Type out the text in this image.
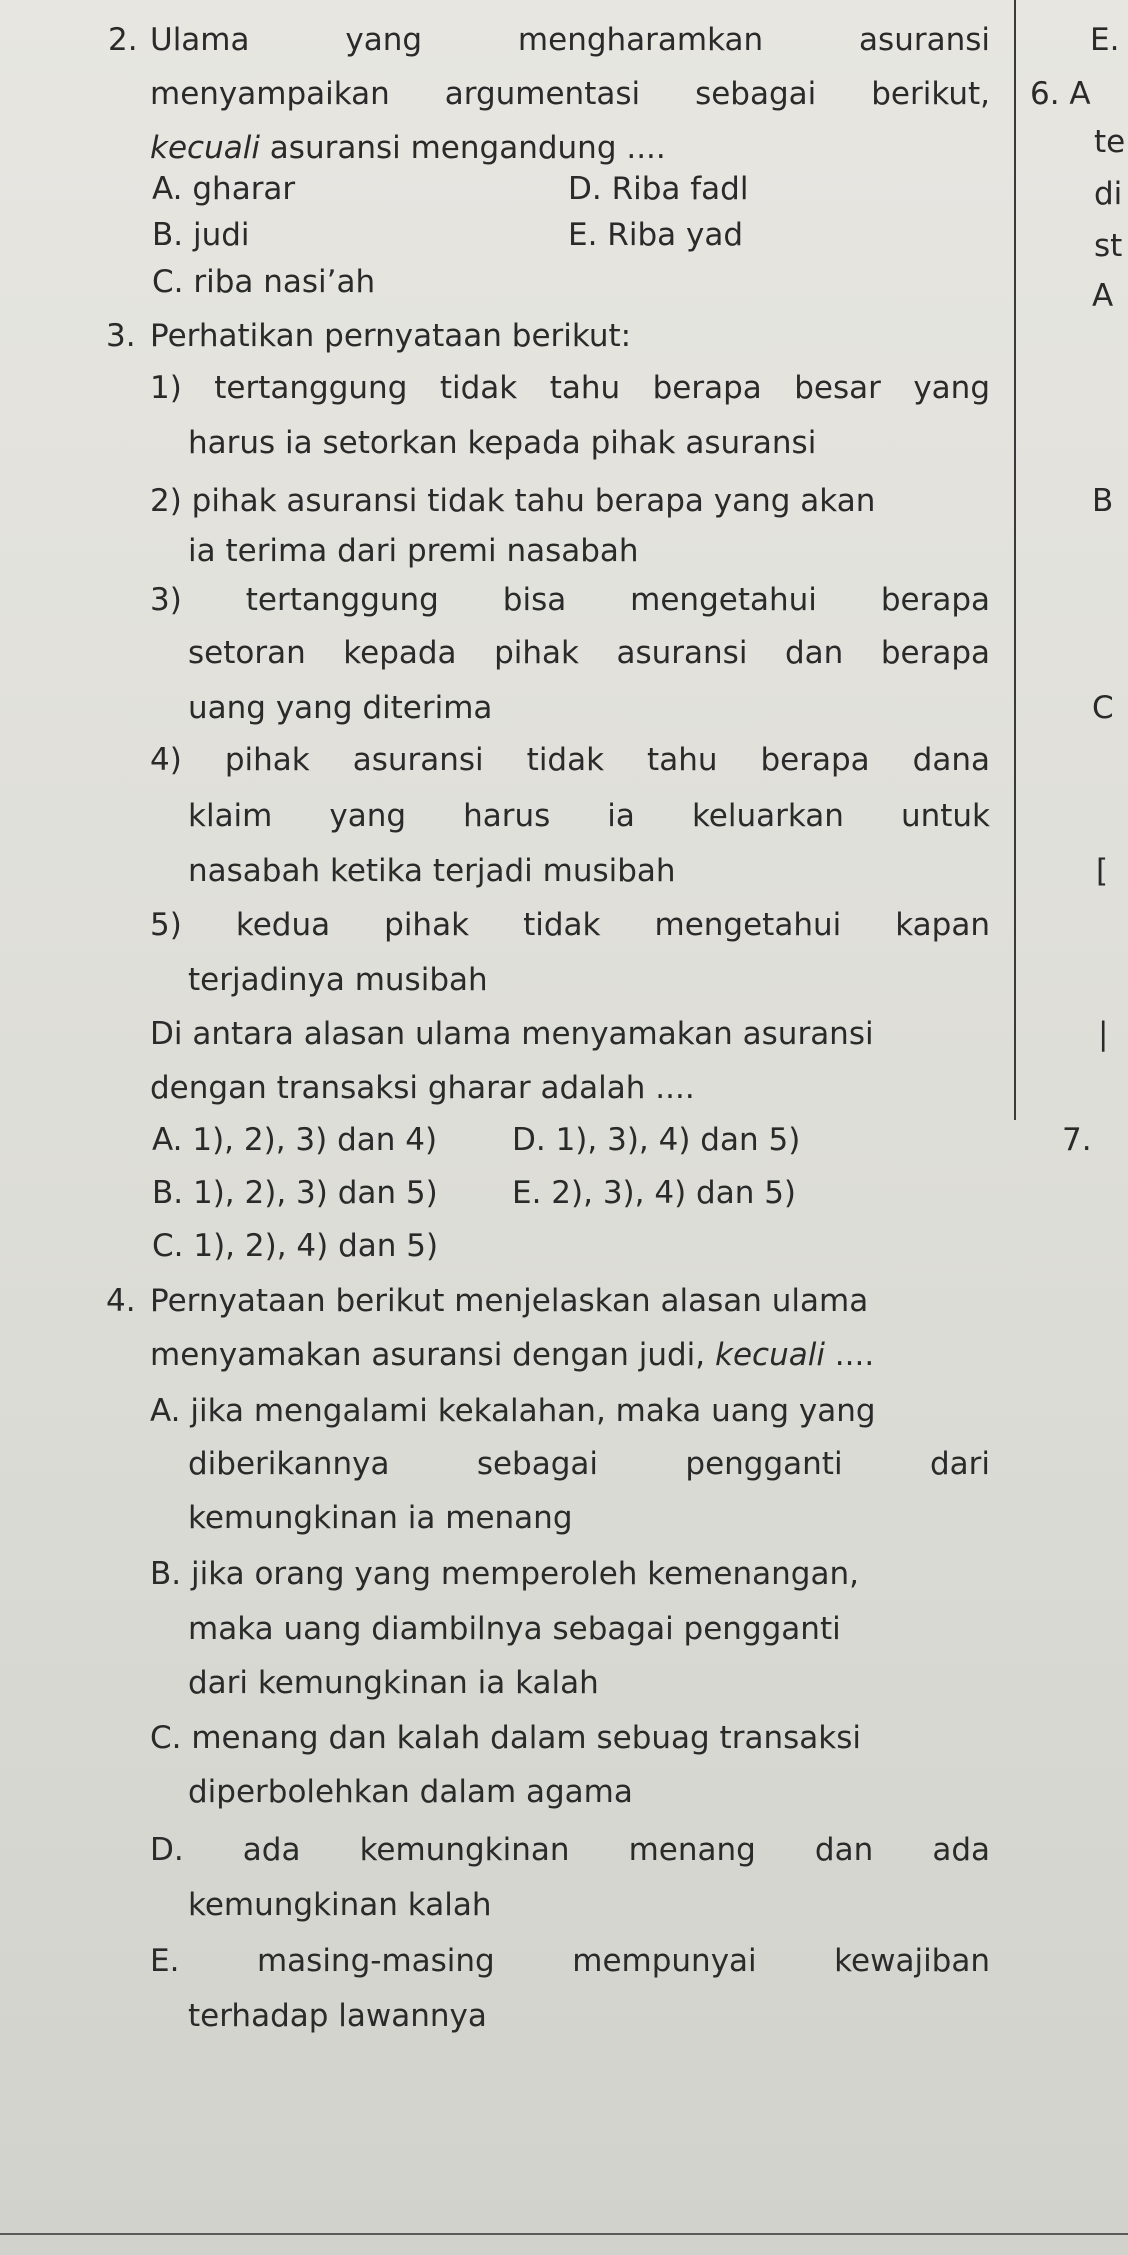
2. Ulama yang mengharamkan asuransi
menyampaikan argumentasi sebagai berikut,
kecuali asuransi mengandung ....
A. gharar
B. judi
C. riba nasi’ah
D. Riba fadl
E. Riba yad
3. Perhatikan pernyataan berikut:
1) tertanggung tidak tahu berapa besar yang
harus ia setorkan kepada pihak asuransi
2) pihak asuransi tidak tahu berapa yang akan
ia terima dari premi nasabah
3) tertanggung bisa mengetahui berapa
setoran kepada pihak asuransi dan berapa
uang yang diterima
4) pihak asuransi tidak tahu berapa dana
klaim yang harus ia keluarkan untuk
nasabah ketika terjadi musibah
5) kedua pihak tidak mengetahui kapan
terjadinya musibah
Di antara alasan ulama menyamakan asuransi
dengan transaksi gharar adalah ....
A. 1), 2), 3) dan 4)
B. 1), 2), 3) dan 5)
C. 1), 2), 4) dan 5)
D. 1), 3), 4) dan 5)
E. 2), 3), 4) dan 5)
4. Pernyataan berikut menjelaskan alasan ulama
menyamakan asuransi dengan judi, kecuali ....
A. jika mengalami kekalahan, maka uang yang
diberikannya sebagai pengganti dari
kemungkinan ia menang
B. jika orang yang memperoleh kemenangan,
maka uang diambilnya sebagai pengganti
dari kemungkinan ia kalah
C. menang dan kalah dalam sebuag transaksi
diperbolehkan dalam agama
D. ada kemungkinan menang dan ada
kemungkinan kalah
E. masing-masing mempunyai kewajiban
terhadap lawannya
E.
6. A
te
di
st
A
B
C
[
|
7.
